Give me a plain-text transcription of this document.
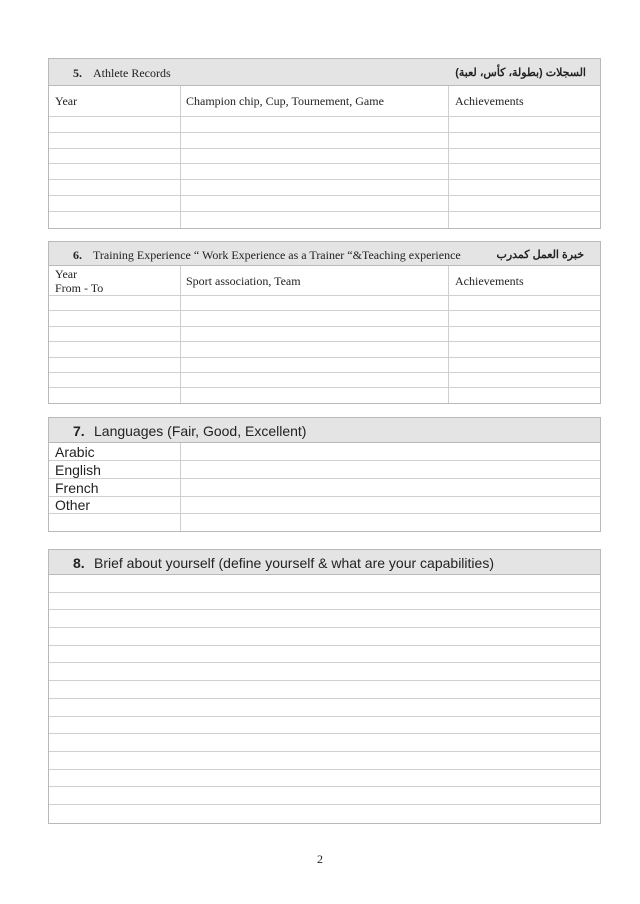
5. Athlete Records	السجلات (بطولة، كأس، لعبة)
Year	Champion chip, Cup, Tournement, Game	Achievements
6. Training Experience “ Work Experience as a Trainer “&Teaching experience	خبرة العمل كمدرب
Year
From - To	Sport association, Team	Achievements
7. Languages (Fair, Good, Excellent)
Arabic
English
French
Other
8. Brief about yourself (define yourself & what are your capabilities)
2
